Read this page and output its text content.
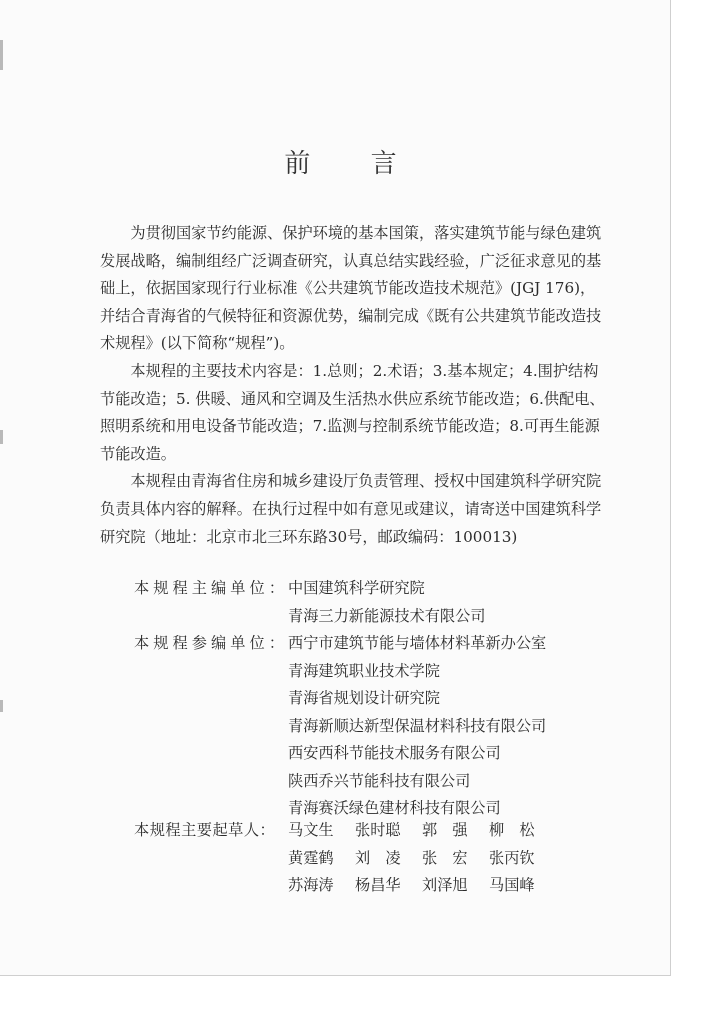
前 言

为贯彻国家节约能源、保护环境的基本国策，落实建筑节能与绿色建筑发展战略，编制组经广泛调查研究，认真总结实践经验，广泛征求意见的基础上，依据国家现行行业标准《公共建筑节能改造技术规范》(JGJ 176)，并结合青海省的气候特征和资源优势，编制完成《既有公共建筑节能改造技术规程》(以下简称“规程”)。

本规程的主要技术内容是：1.总则；2.术语；3.基本规定；4.围护结构节能改造；5. 供暖、通风和空调及生活热水供应系统节能改造；6.供配电、照明系统和用电设备节能改造；7.监测与控制系统节能改造；8.可再生能源节能改造。

本规程由青海省住房和城乡建设厅负责管理、授权中国建筑科学研究院负责具体内容的解释。在执行过程中如有意见或建议，请寄送中国建筑科学研究院（地址：北京市北三环东路30号，邮政编码：100013)

本规程主编单位： 中国建筑科学研究院
青海三力新能源技术有限公司
本规程参编单位： 西宁市建筑节能与墙体材料革新办公室
青海建筑职业技术学院
青海省规划设计研究院
青海新顺达新型保温材料科技有限公司
西安西科节能技术服务有限公司
陕西乔兴节能科技有限公司
青海赛沃绿色建材科技有限公司
本规程主要起草人： 马文生	张时聪	郭　强	柳　松
黄霆鹤	刘　凌	张　宏	张丙钦
苏海涛	杨昌华	刘泽旭	马国峰
